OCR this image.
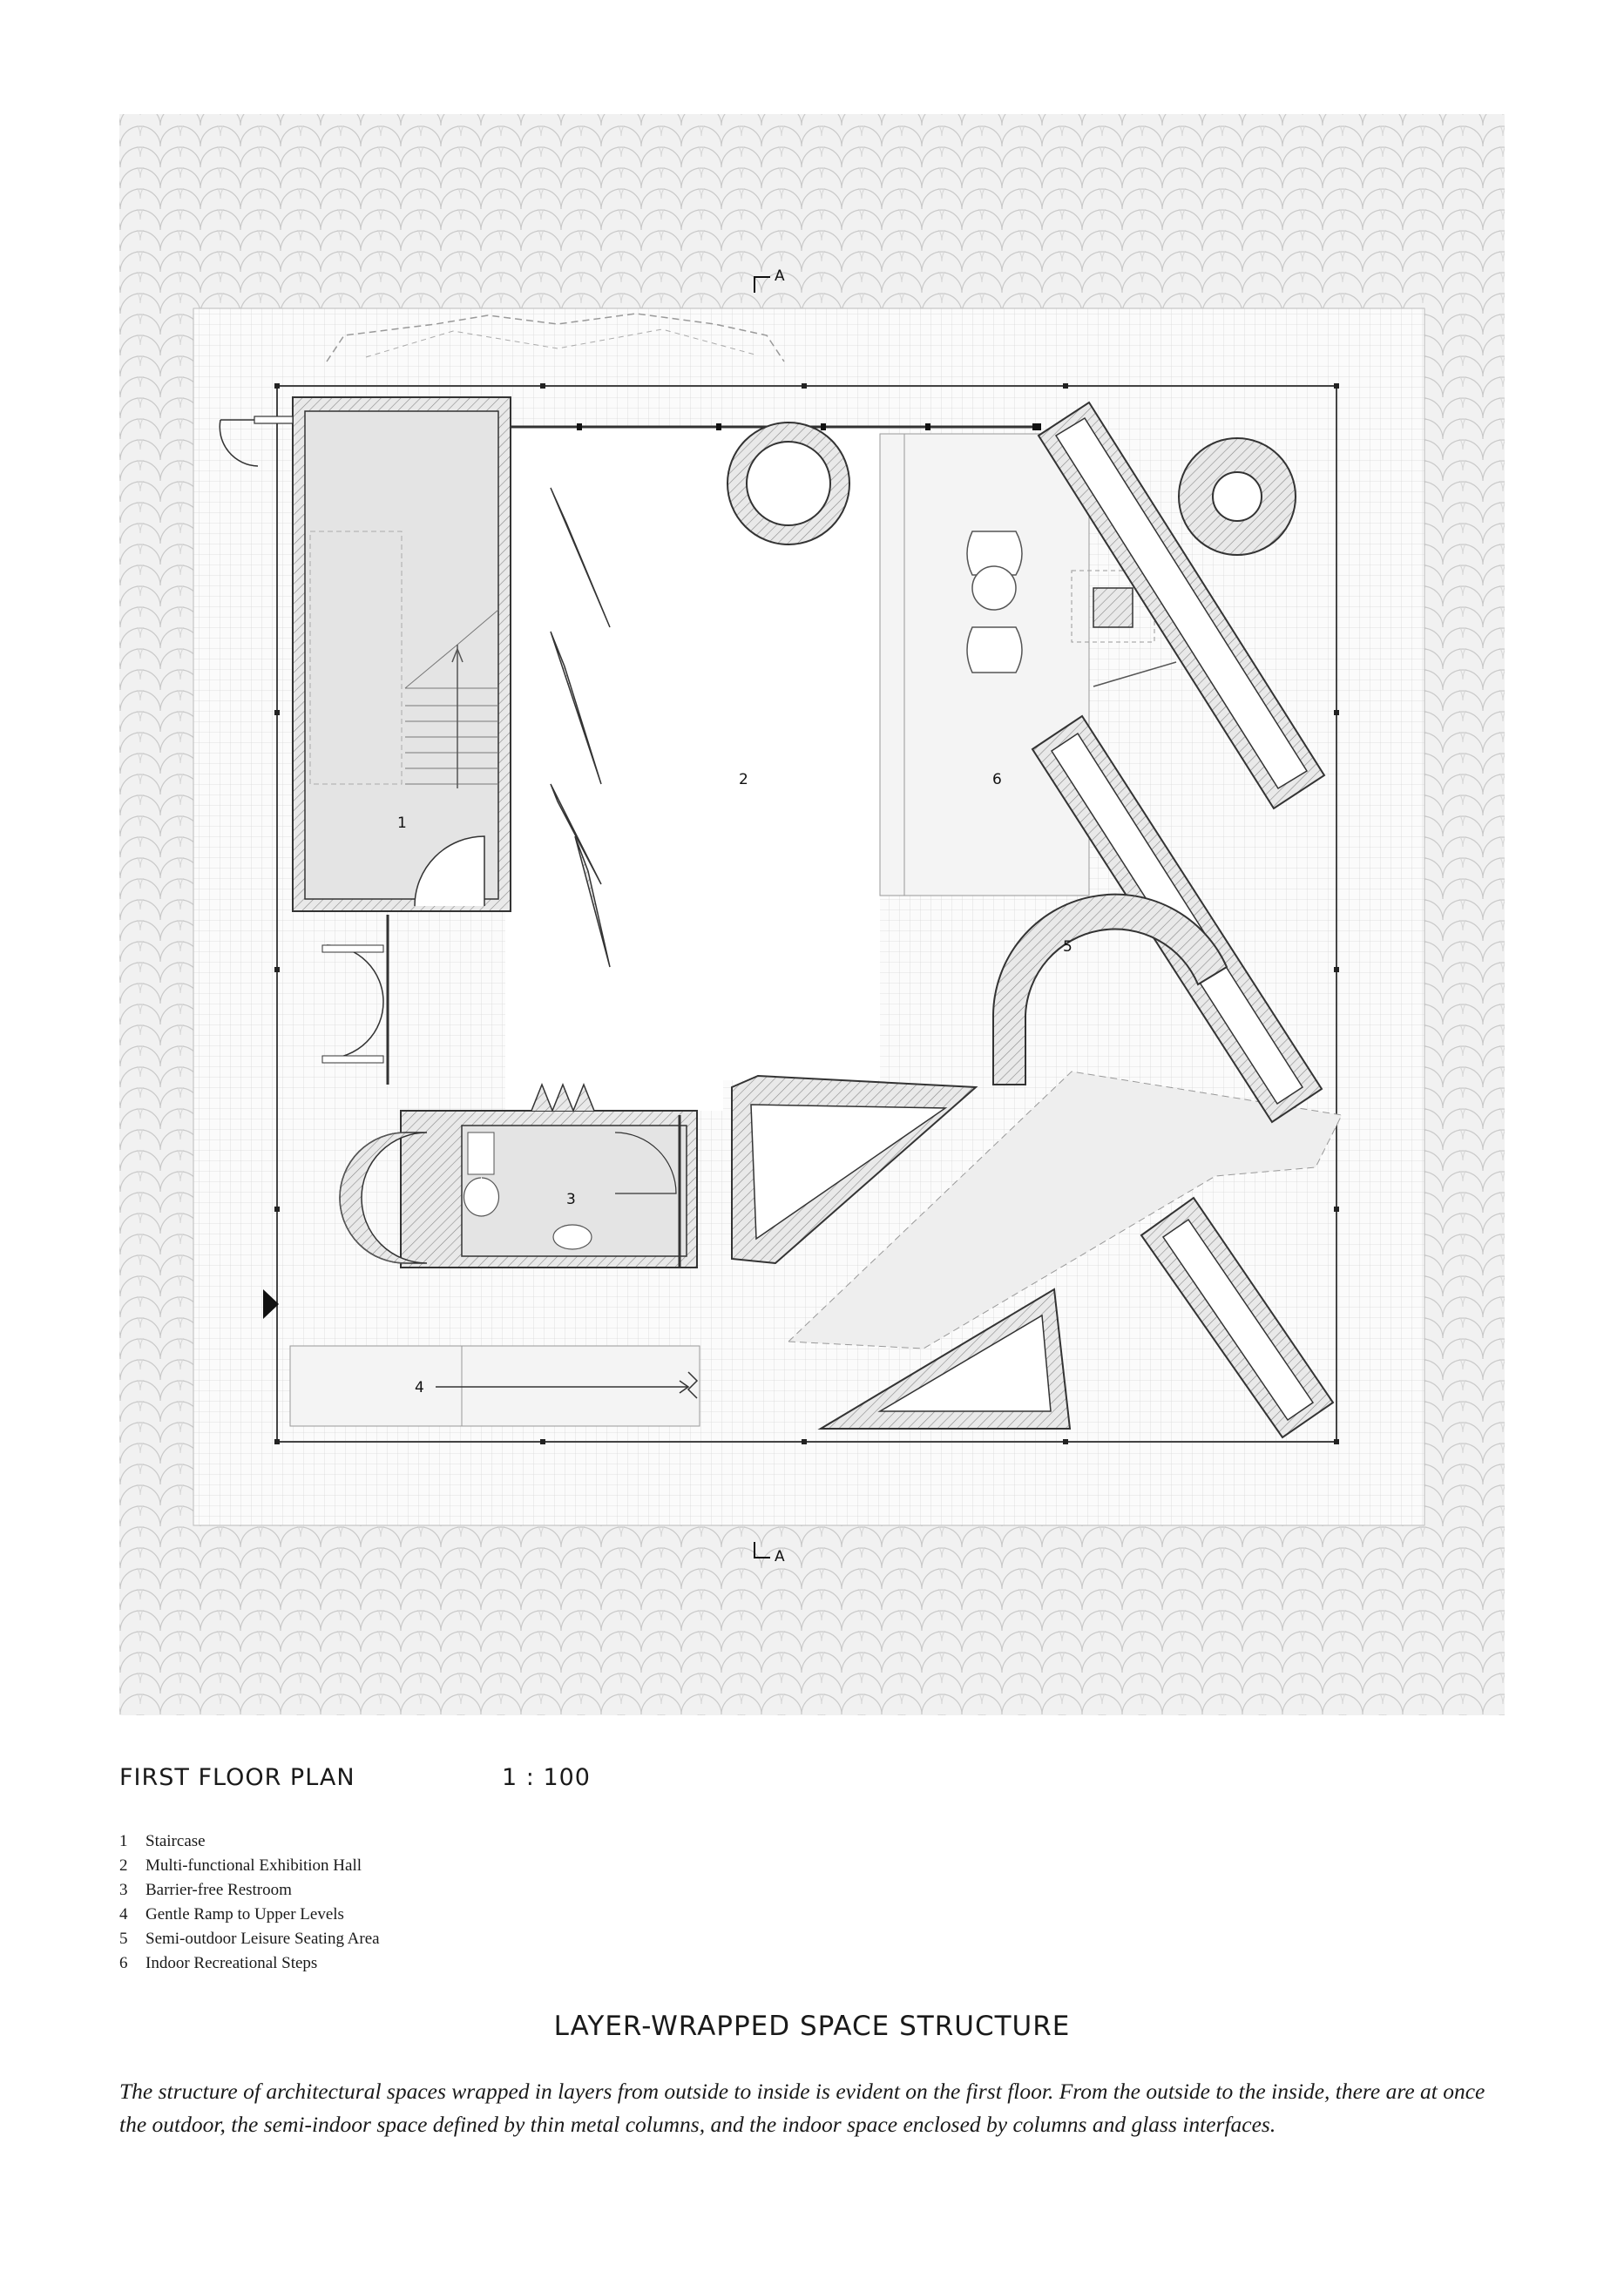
A
A
1
3
4
2	6
5
FIRST FLOOR PLAN	1 : 100
1	Staircase
2	Multi-functional Exhibition Hall
3	Barrier-free Restroom
4	Gentle Ramp to Upper Levels
5	Semi-outdoor Leisure Seating Area
6	Indoor Recreational Steps
LAYER-WRAPPED SPACE STRUCTURE
The structure of architectural spaces wrapped in layers from outside to inside is evident on the first floor. From the outside to the inside, there are at once the outdoor, the semi-indoor space defined by thin metal columns, and the indoor space enclosed by columns and glass interfaces.
